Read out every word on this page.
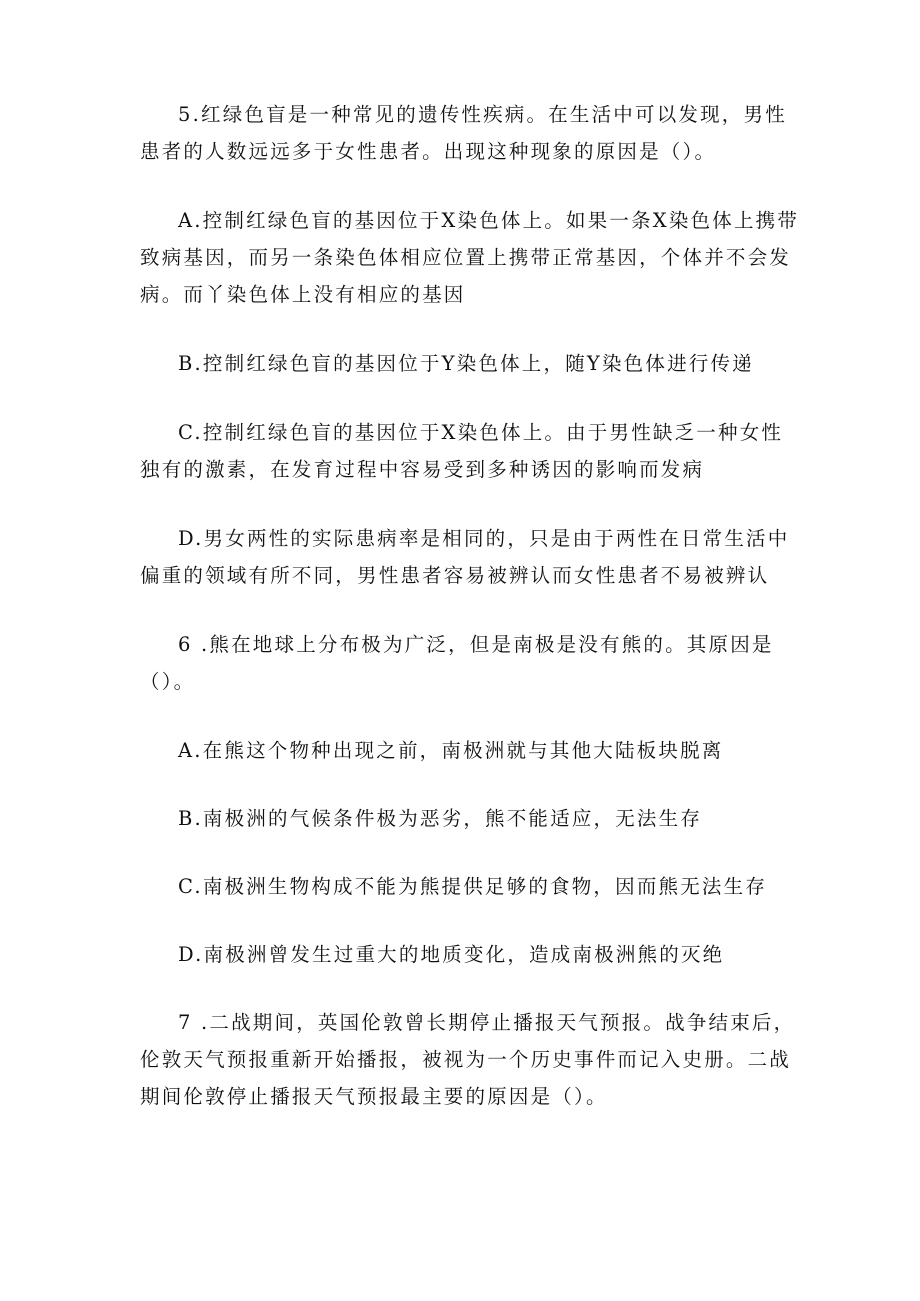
5.红绿色盲是一种常见的遗传性疾病。在生活中可以发现，男性
患者的人数远远多于女性患者。出现这种现象的原因是（）。

A.控制红绿色盲的基因位于X染色体上。如果一条X染色体上携带
致病基因，而另一条染色体相应位置上携带正常基因，个体并不会发
病。而丫染色体上没有相应的基因

B.控制红绿色盲的基因位于Y染色体上，随Y染色体进行传递

C.控制红绿色盲的基因位于X染色体上。由于男性缺乏一种女性
独有的激素，在发育过程中容易受到多种诱因的影响而发病

D.男女两性的实际患病率是相同的，只是由于两性在日常生活中
偏重的领域有所不同，男性患者容易被辨认而女性患者不易被辨认

6 .熊在地球上分布极为广泛，但是南极是没有熊的。其原因是
（）。

A.在熊这个物种出现之前，南极洲就与其他大陆板块脱离

B.南极洲的气候条件极为恶劣，熊不能适应，无法生存

C.南极洲生物构成不能为熊提供足够的食物，因而熊无法生存

D.南极洲曾发生过重大的地质变化，造成南极洲熊的灭绝

7 .二战期间，英国伦敦曾长期停止播报天气预报。战争结束后，
伦敦天气预报重新开始播报，被视为一个历史事件而记入史册。二战
期间伦敦停止播报天气预报最主要的原因是（）。
